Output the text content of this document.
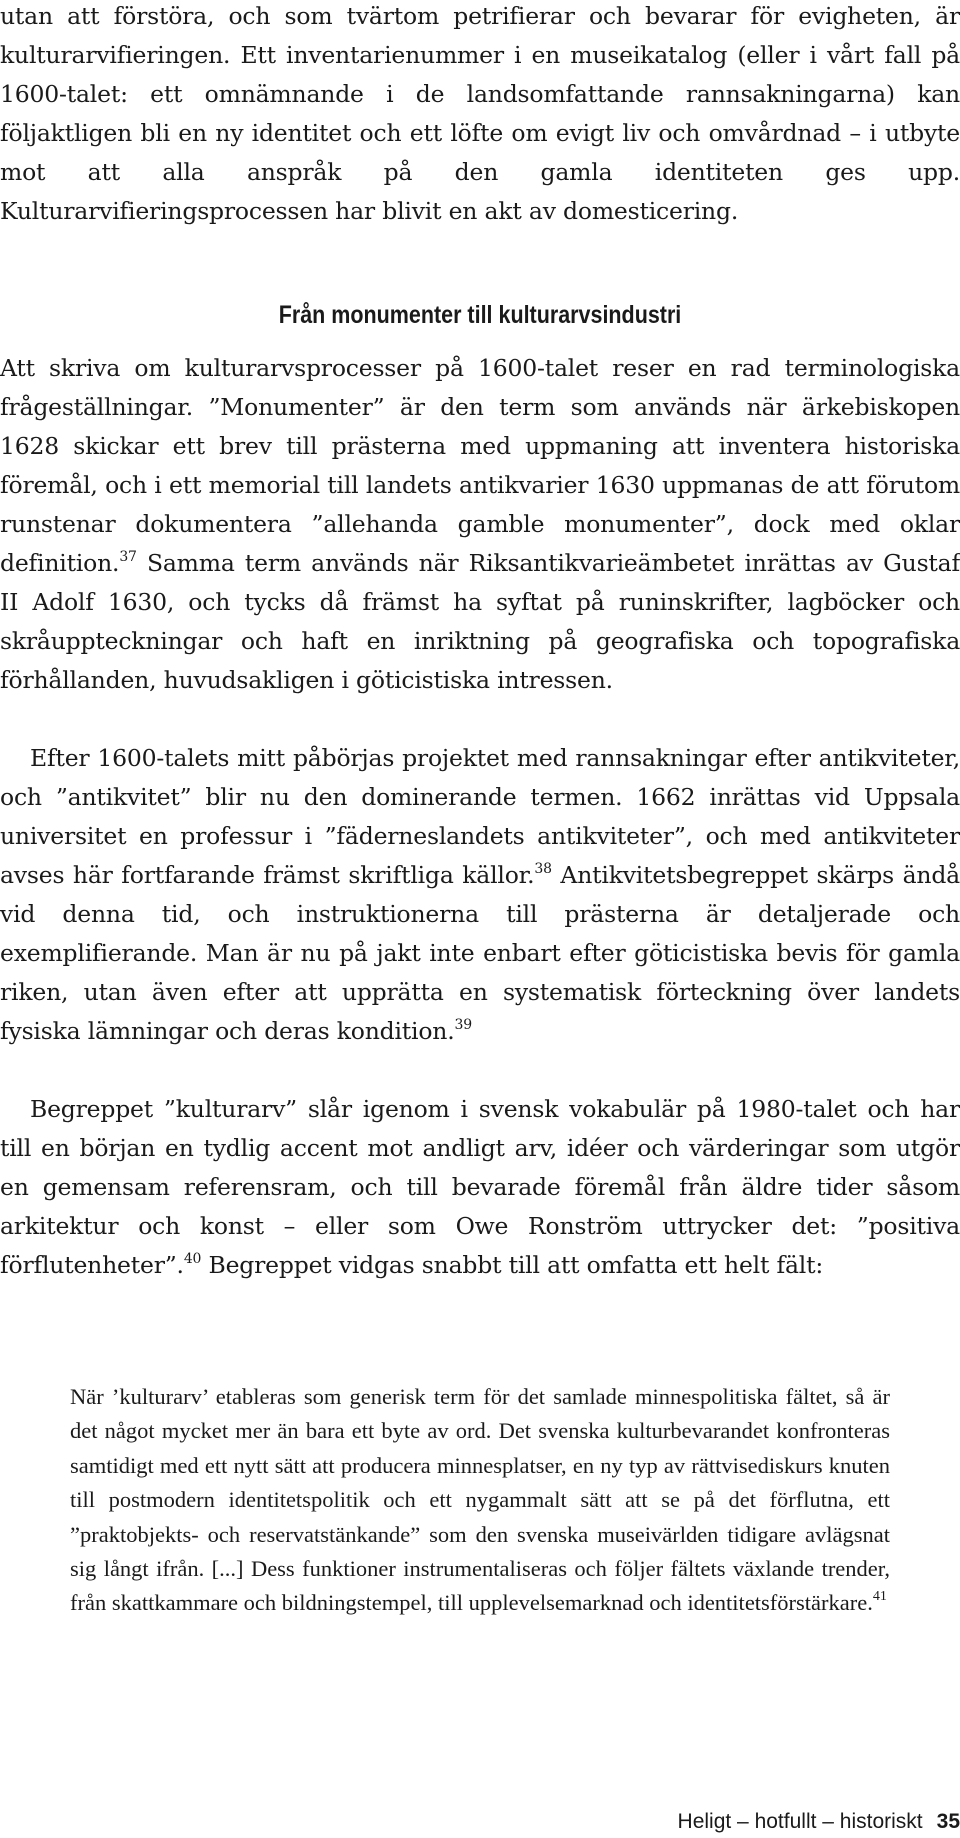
utan att förstöra, och som tvärtom petrifierar och bevarar för evigheten, är kulturarvifieringen. Ett inventarienummer i en museikatalog (eller i vårt fall på 1600-talet: ett omnämnande i de landsomfattande rannsakningarna) kan följaktligen bli en ny identitet och ett löfte om evigt liv och omvårdnad – i utbyte mot att alla anspråk på den gamla identiteten ges upp. Kulturarvifieringsprocessen har blivit en akt av domesticering.

Från monumenter till kulturarvsindustri

Att skriva om kulturarvsprocesser på 1600-talet reser en rad terminologiska frågeställningar. ”Monumenter” är den term som används när ärkebiskopen 1628 skickar ett brev till prästerna med uppmaning att inventera historiska föremål, och i ett memorial till landets antikvarier 1630 uppmanas de att förutom runstenar dokumentera ”allehanda gamble monumenter”, dock med oklar definition.$^{37}$ Samma term används när Riksantikvarieämbetet inrättas av Gustaf II Adolf 1630, och tycks då främst ha syftat på runinskrifter, lagböcker och skråuppteckningar och haft en inriktning på geografiska och topografiska förhållanden, huvudsakligen i göticistiska intressen.

Efter 1600-talets mitt påbörjas projektet med rannsakningar efter antikviteter, och ”antikvitet” blir nu den dominerande termen. 1662 inrättas vid Uppsala universitet en professur i ”fäderneslandets antikviteter”, och med antikviteter avses här fortfarande främst skriftliga källor.$^{38}$ Antikvitetsbegreppet skärps ändå vid denna tid, och instruktionerna till prästerna är detaljerade och exemplifierande. Man är nu på jakt inte enbart efter göticistiska bevis för gamla riken, utan även efter att upprätta en systematisk förteckning över landets fysiska lämningar och deras kondition.$^{39}$

Begreppet ”kulturarv” slår igenom i svensk vokabulär på 1980-talet och har till en början en tydlig accent mot andligt arv, idéer och värderingar som utgör en gemensam referensram, och till bevarade föremål från äldre tider såsom arkitektur och konst – eller som Owe Ronström uttrycker det: ”positiva förflutenheter”.$^{40}$ Begreppet vidgas snabbt till att omfatta ett helt fält:

När ’kulturarv’ etableras som generisk term för det samlade minnespolitiska fältet, så är det något mycket mer än bara ett byte av ord. Det svenska kulturbevarandet konfronteras samtidigt med ett nytt sätt att producera minnesplatser, en ny typ av rättvisediskurs knuten till postmodern identitetspolitik och ett nygammalt sätt att se på det förflutna, ett ”praktobjekts- och reservatstänkande” som den svenska museivärlden tidigare avlägsnat sig långt ifrån. [...] Dess funktioner instrumentaliseras och följer fältets växlande trender, från skattkammare och bildningstempel, till upplevelsemarknad och identitetsförstärkare.$^{41}$

Heligt – hotfullt – historiskt 35
